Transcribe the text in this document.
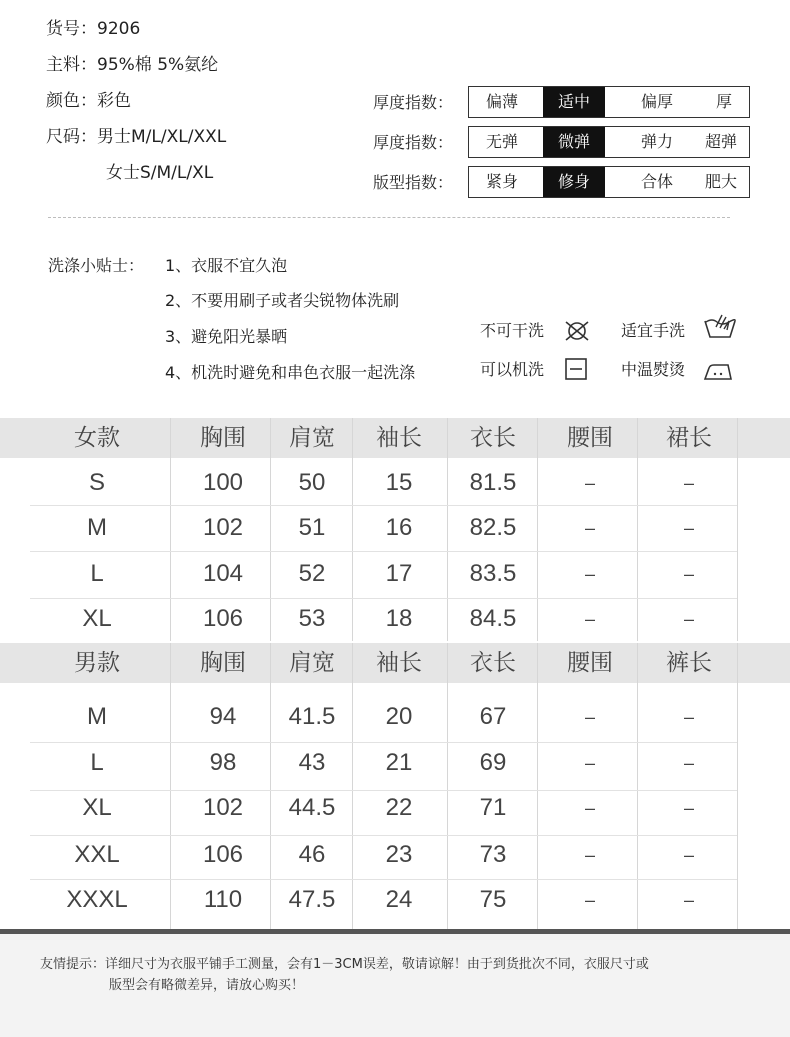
货号：9206
主料：95%棉 5%氨纶
颜色：彩色
尺码：男士M/L/XL/XXL
女士S/M/L/XL
厚度指数：	偏薄	适中	偏厚	厚
厚度指数：	无弹	微弹	弹力	超弹
版型指数：	紧身	修身	合体	肥大
洗涤小贴士： 1、衣服不宜久泡
2、不要用刷子或者尖锐物体洗刷
3、避免阳光暴晒
4、机洗时避免和串色衣服一起洗涤
不可干洗	适宜手洗
可以机洗	中温熨烫
女款	胸围	肩宽	袖长	衣长	腰围	裙长
S	100	50	15	81.5	–	–
M	102	51	16	82.5	–	–
L	104	52	17	83.5	–	–
XL	106	53	18	84.5	–	–
男款	胸围	肩宽	袖长	衣长	腰围	裤长
M	94	41.5	20	67	–	–
L	98	43	21	69	–	–
XL	102	44.5	22	71	–	–
XXL	106	46	23	73	–	–
XXXL	110	47.5	24	75	–	–
友情提示：详细尺寸为衣服平铺手工测量，会有1－3CM误差，敬请谅解！由于到货批次不同，衣服尺寸或
版型会有略微差异，请放心购买！
